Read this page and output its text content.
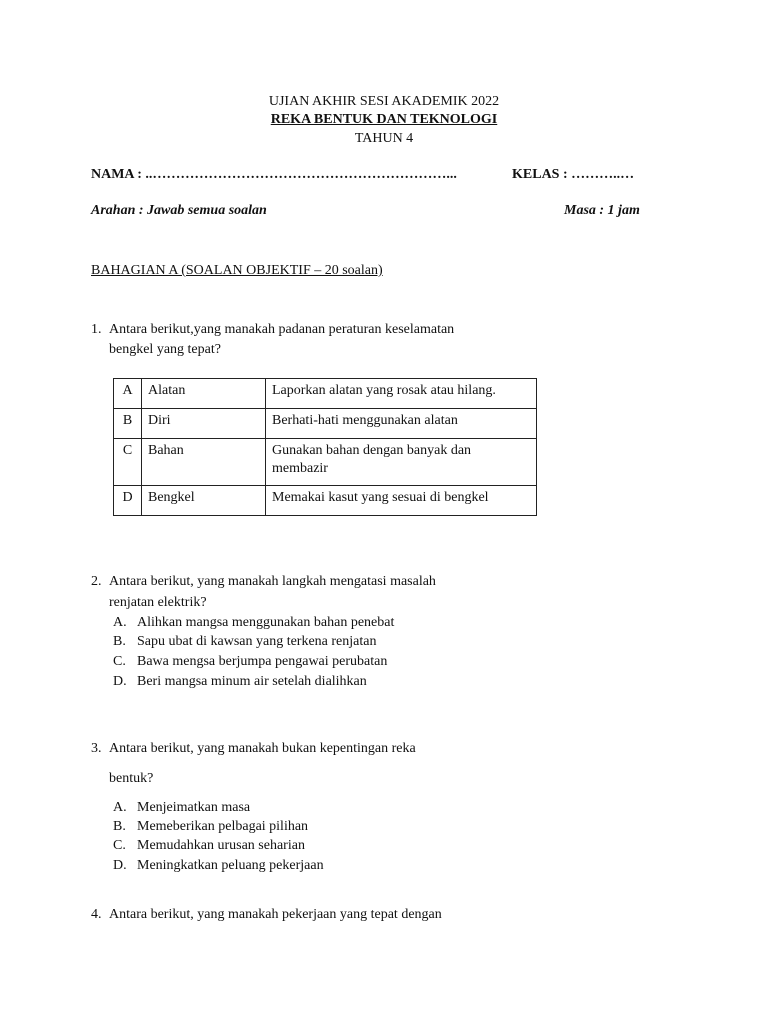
UJIAN AKHIR SESI AKADEMIK 2022
REKA BENTUK DAN TEKNOLOGI
TAHUN 4
NAMA : ..………………………………………………………...	KELAS : ………..…
Arahan : Jawab semua soalan	Masa : 1 jam
BAHAGIAN A (SOALAN OBJEKTIF – 20 soalan)
1. Antara berikut,yang manakah padanan peraturan keselamatan
bengkel yang tepat?
A	Alatan	Laporkan alatan yang rosak atau hilang.
B	Diri	Berhati-hati menggunakan alatan
C	Bahan	Gunakan bahan dengan banyak dan membazir
D	Bengkel	Memakai kasut yang sesuai di bengkel
2. Antara berikut, yang manakah langkah mengatasi masalah
renjatan elektrik?
A. Alihkan mangsa menggunakan bahan penebat
B. Sapu ubat di kawsan yang terkena renjatan
C. Bawa mengsa berjumpa pengawai perubatan
D. Beri mangsa minum air setelah dialihkan
3. Antara berikut, yang manakah bukan kepentingan reka
bentuk?
A. Menjeimatkan masa
B. Memeberikan pelbagai pilihan
C. Memudahkan urusan seharian
D. Meningkatkan peluang pekerjaan
4. Antara berikut, yang manakah pekerjaan yang tepat dengan
